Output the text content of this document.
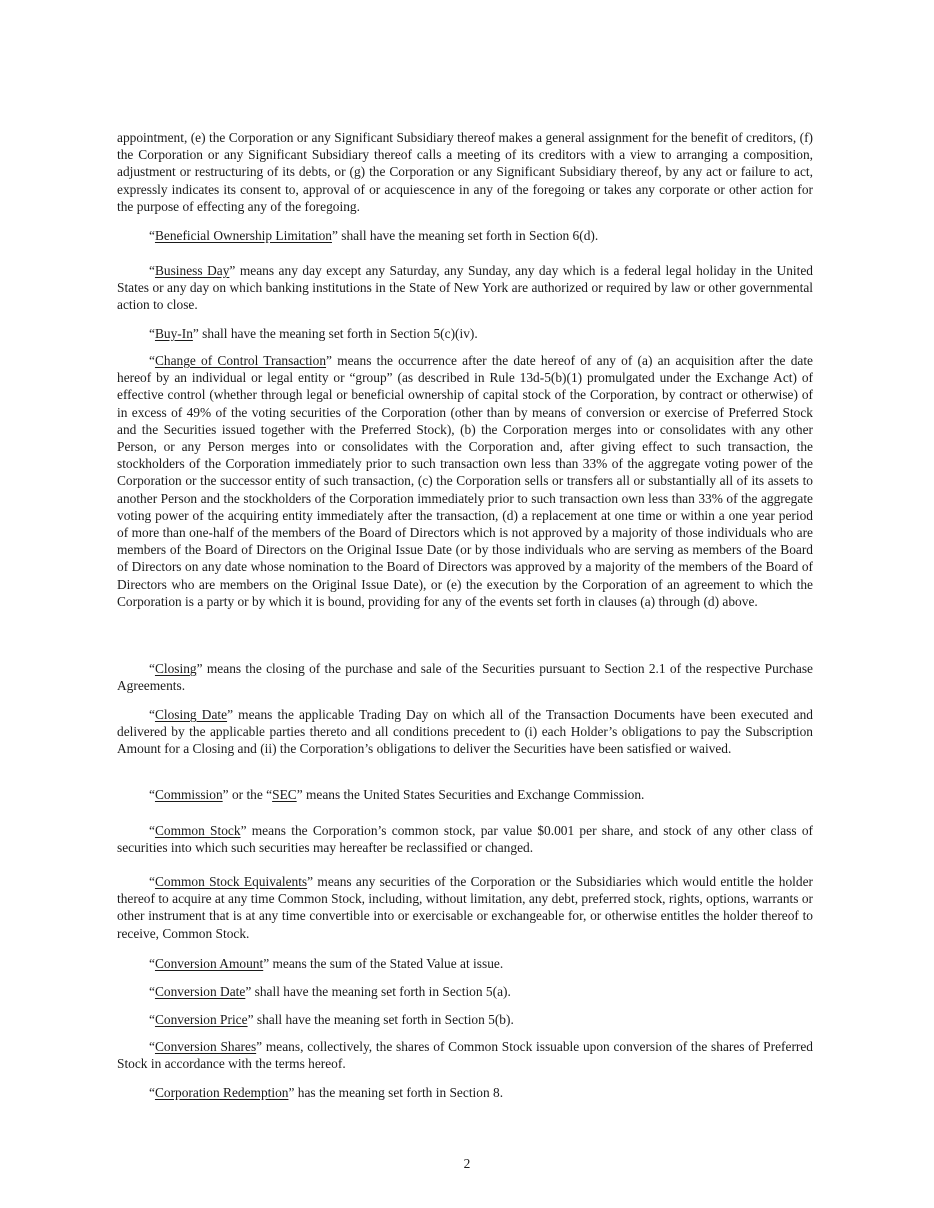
appointment, (e) the Corporation or any Significant Subsidiary thereof makes a general assignment for the benefit of creditors, (f) the Corporation or any Significant Subsidiary thereof calls a meeting of its creditors with a view to arranging a composition, adjustment or restructuring of its debts, or (g) the Corporation or any Significant Subsidiary thereof, by any act or failure to act, expressly indicates its consent to, approval of or acquiescence in any of the foregoing or takes any corporate or other action for the purpose of effecting any of the foregoing.

“Beneficial Ownership Limitation” shall have the meaning set forth in Section 6(d).

“Business Day” means any day except any Saturday, any Sunday, any day which is a federal legal holiday in the United States or any day on which banking institutions in the State of New York are authorized or required by law or other governmental action to close.

“Buy-In” shall have the meaning set forth in Section 5(c)(iv).

“Change of Control Transaction” means the occurrence after the date hereof of any of (a) an acquisition after the date hereof by an individual or legal entity or “group” (as described in Rule 13d-5(b)(1) promulgated under the Exchange Act) of effective control (whether through legal or beneficial ownership of capital stock of the Corporation, by contract or otherwise) of in excess of 49% of the voting securities of the Corporation (other than by means of conversion or exercise of Preferred Stock and the Securities issued together with the Preferred Stock), (b) the Corporation merges into or consolidates with any other Person, or any Person merges into or consolidates with the Corporation and, after giving effect to such transaction, the stockholders of the Corporation immediately prior to such transaction own less than 33% of the aggregate voting power of the Corporation or the successor entity of such transaction, (c) the Corporation sells or transfers all or substantially all of its assets to another Person and the stockholders of the Corporation immediately prior to such transaction own less than 33% of the aggregate voting power of the acquiring entity immediately after the transaction, (d) a replacement at one time or within a one year period of more than one-half of the members of the Board of Directors which is not approved by a majority of those individuals who are members of the Board of Directors on the Original Issue Date (or by those individuals who are serving as members of the Board of Directors on any date whose nomination to the Board of Directors was approved by a majority of the members of the Board of Directors who are members on the Original Issue Date), or (e) the execution by the Corporation of an agreement to which the Corporation is a party or by which it is bound, providing for any of the events set forth in clauses (a) through (d) above.

“Closing” means the closing of the purchase and sale of the Securities pursuant to Section 2.1 of the respective Purchase Agreements.

“Closing Date” means the applicable Trading Day on which all of the Transaction Documents have been executed and delivered by the applicable parties thereto and all conditions precedent to (i) each Holder’s obligations to pay the Subscription Amount for a Closing and (ii) the Corporation’s obligations to deliver the Securities have been satisfied or waived.

“Commission” or the “SEC” means the United States Securities and Exchange Commission.

“Common Stock” means the Corporation’s common stock, par value $0.001 per share, and stock of any other class of securities into which such securities may hereafter be reclassified or changed.

“Common Stock Equivalents” means any securities of the Corporation or the Subsidiaries which would entitle the holder thereof to acquire at any time Common Stock, including, without limitation, any debt, preferred stock, rights, options, warrants or other instrument that is at any time convertible into or exercisable or exchangeable for, or otherwise entitles the holder thereof to receive, Common Stock.

“Conversion Amount” means the sum of the Stated Value at issue.

“Conversion Date” shall have the meaning set forth in Section 5(a).

“Conversion Price” shall have the meaning set forth in Section 5(b).

“Conversion Shares” means, collectively, the shares of Common Stock issuable upon conversion of the shares of Preferred Stock in accordance with the terms hereof.

“Corporation Redemption” has the meaning set forth in Section 8.

2
